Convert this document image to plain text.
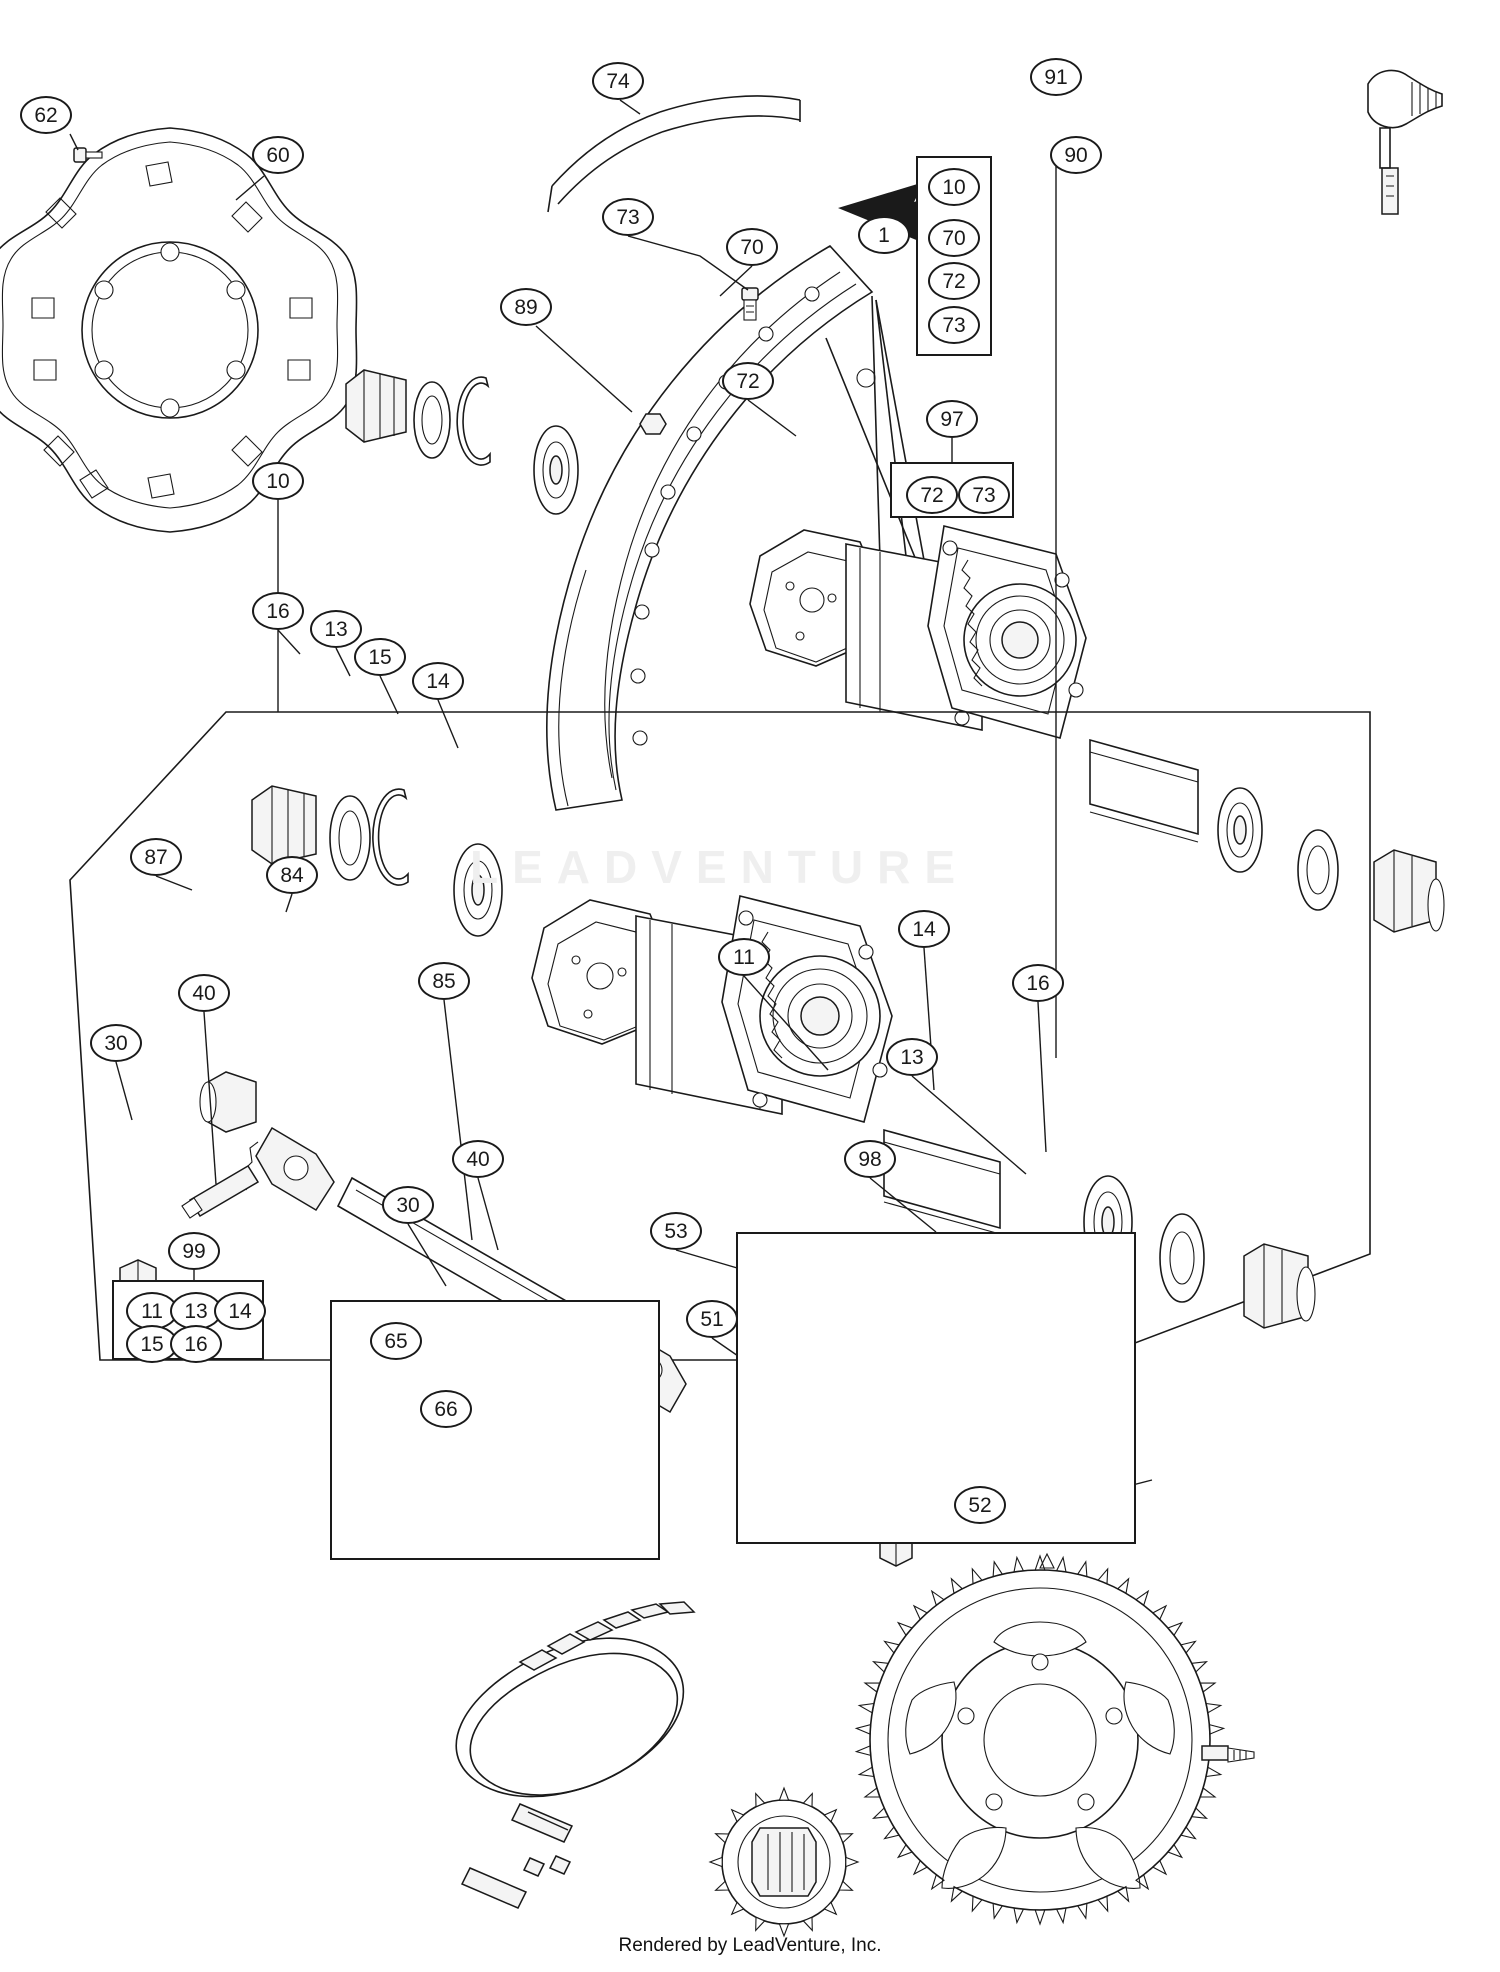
LEADVENTURE
62
60
74	91
90
73
70
89
1
10
70
72
73
72
97
72	73
10
16
13
15
14
87
84
40
30
85
11
14
16
13
40
30
99
11	13 14
15 16	65
66
53
98
51
52
Rendered by LeadVenture, Inc.
